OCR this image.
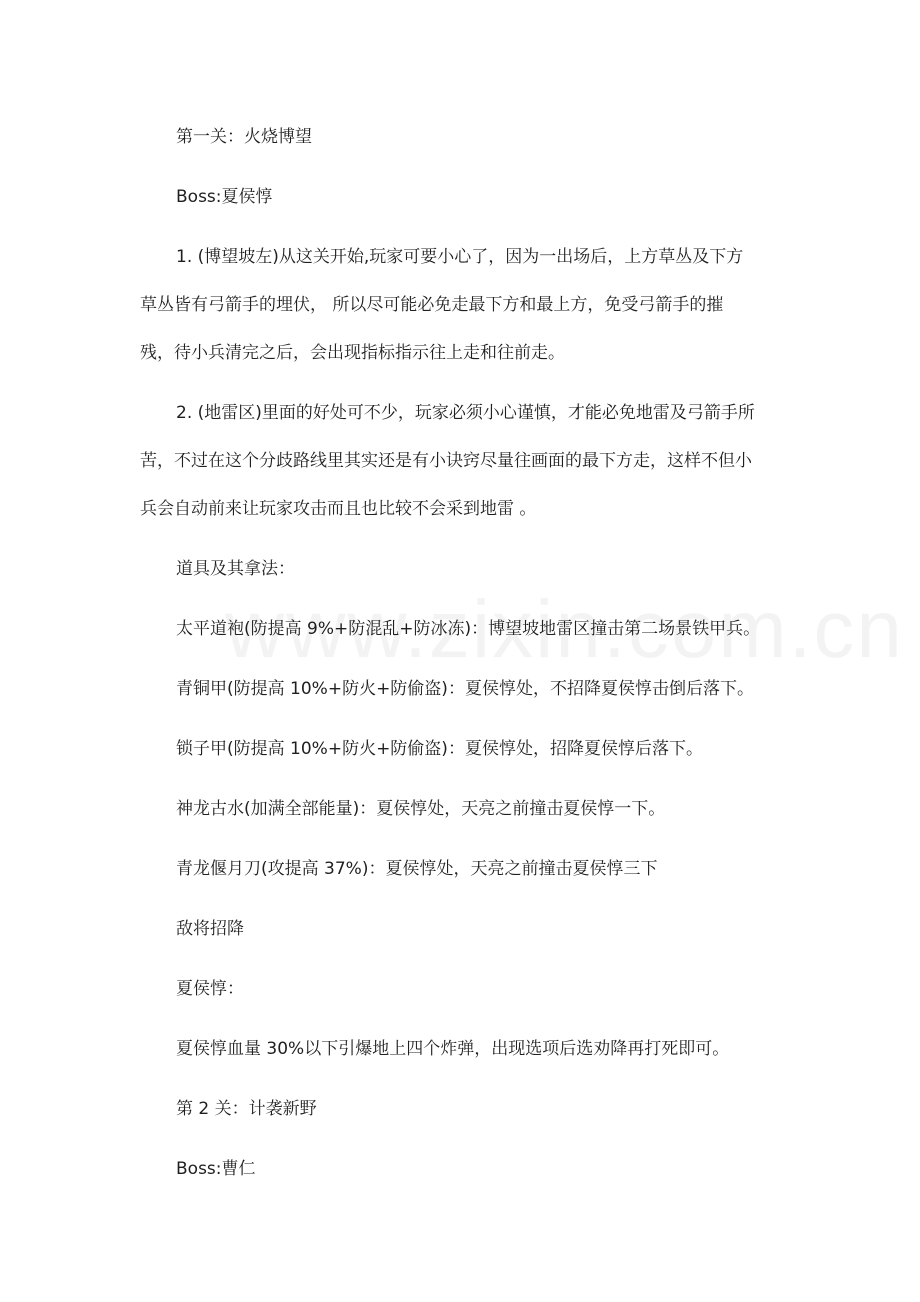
第一关：火烧博望
Boss:夏侯惇
1. (博望坡左)从这关开始,玩家可要小心了，因为一出场后，上方草丛及下方
草丛皆有弓箭手的埋伏， 所以尽可能必免走最下方和最上方，免受弓箭手的摧
残，待小兵清完之后，会出现指标指示往上走和往前走。
2. (地雷区)里面的好处可不少，玩家必须小心谨慎，才能必免地雷及弓箭手所
苦，不过在这个分歧路线里其实还是有小诀窍尽量往画面的最下方走，这样不但小
兵会自动前来让玩家攻击而且也比较不会采到地雷 。
道具及其拿法：
太平道袍(防提高 9%+防混乱+防冰冻)：博望坡地雷区撞击第二场景铁甲兵。
青铜甲(防提高 10%+防火+防偷盗)：夏侯惇处，不招降夏侯惇击倒后落下。
锁子甲(防提高 10%+防火+防偷盗)：夏侯惇处，招降夏侯惇后落下。
神龙古水(加满全部能量)：夏侯惇处，天亮之前撞击夏侯惇一下。
青龙偃月刀(攻提高 37%)：夏侯惇处，天亮之前撞击夏侯惇三下
敌将招降
夏侯惇：
夏侯惇血量 30%以下引爆地上四个炸弹，出现选项后选劝降再打死即可。
第 2 关：计袭新野
Boss:曹仁
